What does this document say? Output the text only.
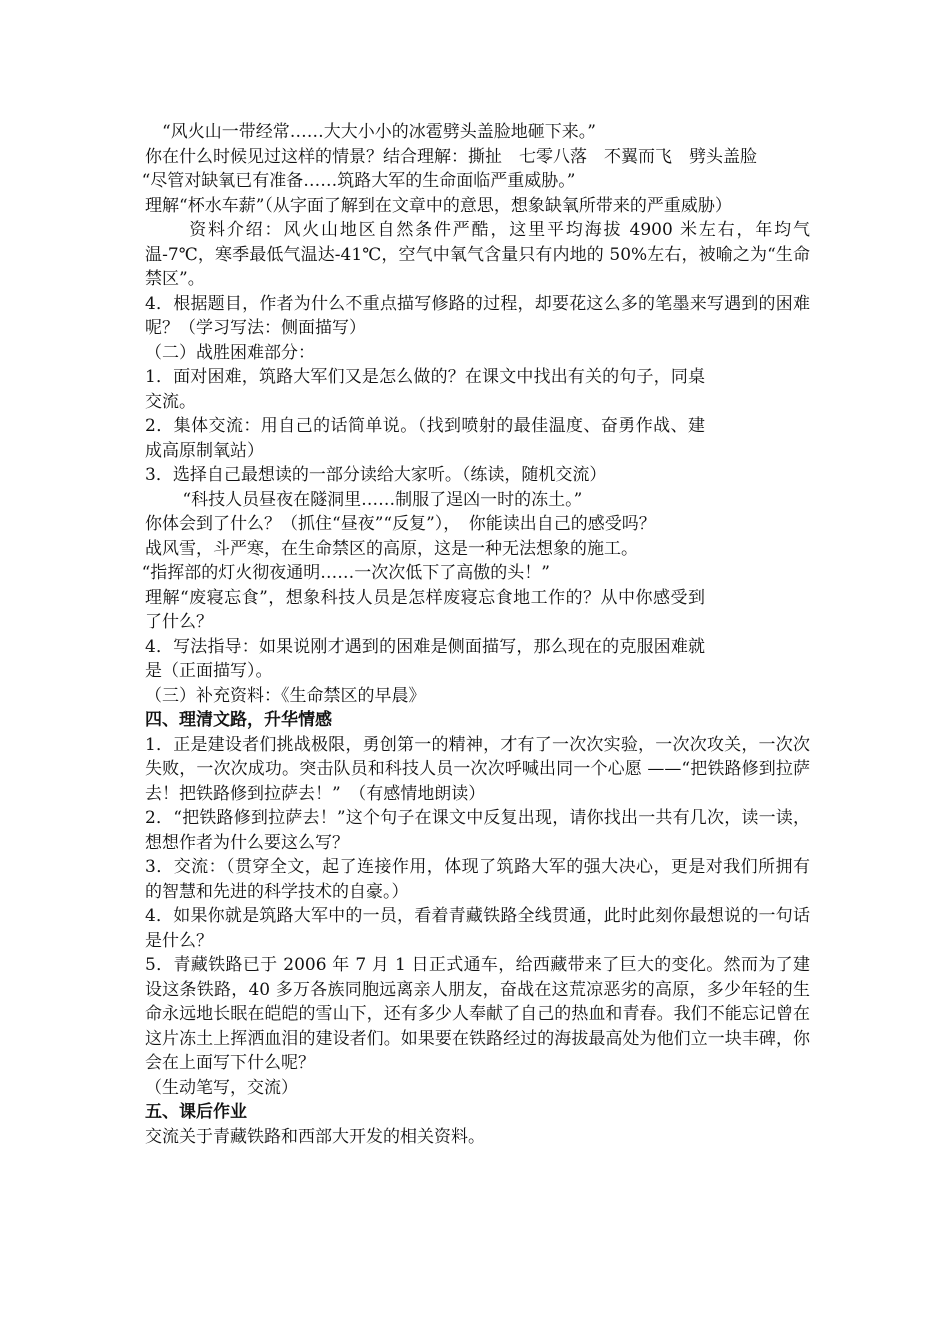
“风火山一带经常……大大小小的冰雹劈头盖脸地砸下来。”

你在什么时候见过这样的情景？结合理解：撕扯　七零八落　不翼而飞　劈头盖脸

“尽管对缺氧已有准备……筑路大军的生命面临严重威胁。”

理解“杯水车薪”（从字面了解到在文章中的意思，想象缺氧所带来的严重威胁）

资料介绍：风火山地区自然条件严酷，这里平均海拔 4900 米左右，年均气温-7℃，寒季最低气温达-41℃，空气中氧气含量只有内地的 50%左右，被喻之为“生命禁区”。

4．根据题目，作者为什么不重点描写修路的过程，却要花这么多的笔墨来写遇到的困难呢？（学习写法：侧面描写）

（二）战胜困难部分：

1．面对困难，筑路大军们又是怎么做的？在课文中找出有关的句子，同桌交流。

2．集体交流：用自己的话简单说。（找到喷射的最佳温度、奋勇作战、建成高原制氧站）

3．选择自己最想读的一部分读给大家听。（练读，随机交流）

“科技人员昼夜在隧洞里……制服了逞凶一时的冻土。”

你体会到了什么？（抓住“昼夜”“反复”），　你能读出自己的感受吗？

战风雪，斗严寒，在生命禁区的高原，这是一种无法想象的施工。

“指挥部的灯火彻夜通明……一次次低下了高傲的头！”

理解“废寝忘食”，想象科技人员是怎样废寝忘食地工作的？从中你感受到了什么？

4．写法指导：如果说刚才遇到的困难是侧面描写，那么现在的克服困难就是（正面描写）。

（三）补充资料：《生命禁区的早晨》

四、理清文路，升华情感

1．正是建设者们挑战极限，勇创第一的精神，才有了一次次实验，一次次攻关，一次次失败，一次次成功。突击队员和科技人员一次次呼喊出同一个心愿 ——“把铁路修到拉萨去！把铁路修到拉萨去！”　（有感情地朗读）

2．“把铁路修到拉萨去！”这个句子在课文中反复出现，请你找出一共有几次，读一读，想想作者为什么要这么写？

3．交流：（贯穿全文，起了连接作用，体现了筑路大军的强大决心，更是对我们所拥有的智慧和先进的科学技术的自豪。）

4．如果你就是筑路大军中的一员，看着青藏铁路全线贯通，此时此刻你最想说的一句话是什么？

5．青藏铁路已于 2006 年 7 月 1 日正式通车，给西藏带来了巨大的变化。然而为了建设这条铁路，40 多万各族同胞远离亲人朋友，奋战在这荒凉恶劣的高原，多少年轻的生命永远地长眠在皑皑的雪山下，还有多少人奉献了自己的热血和青春。我们不能忘记曾在这片冻土上挥洒血泪的建设者们。如果要在铁路经过的海拔最高处为他们立一块丰碑，你会在上面写下什么呢？

（生动笔写，交流）

五、课后作业

交流关于青藏铁路和西部大开发的相关资料。
